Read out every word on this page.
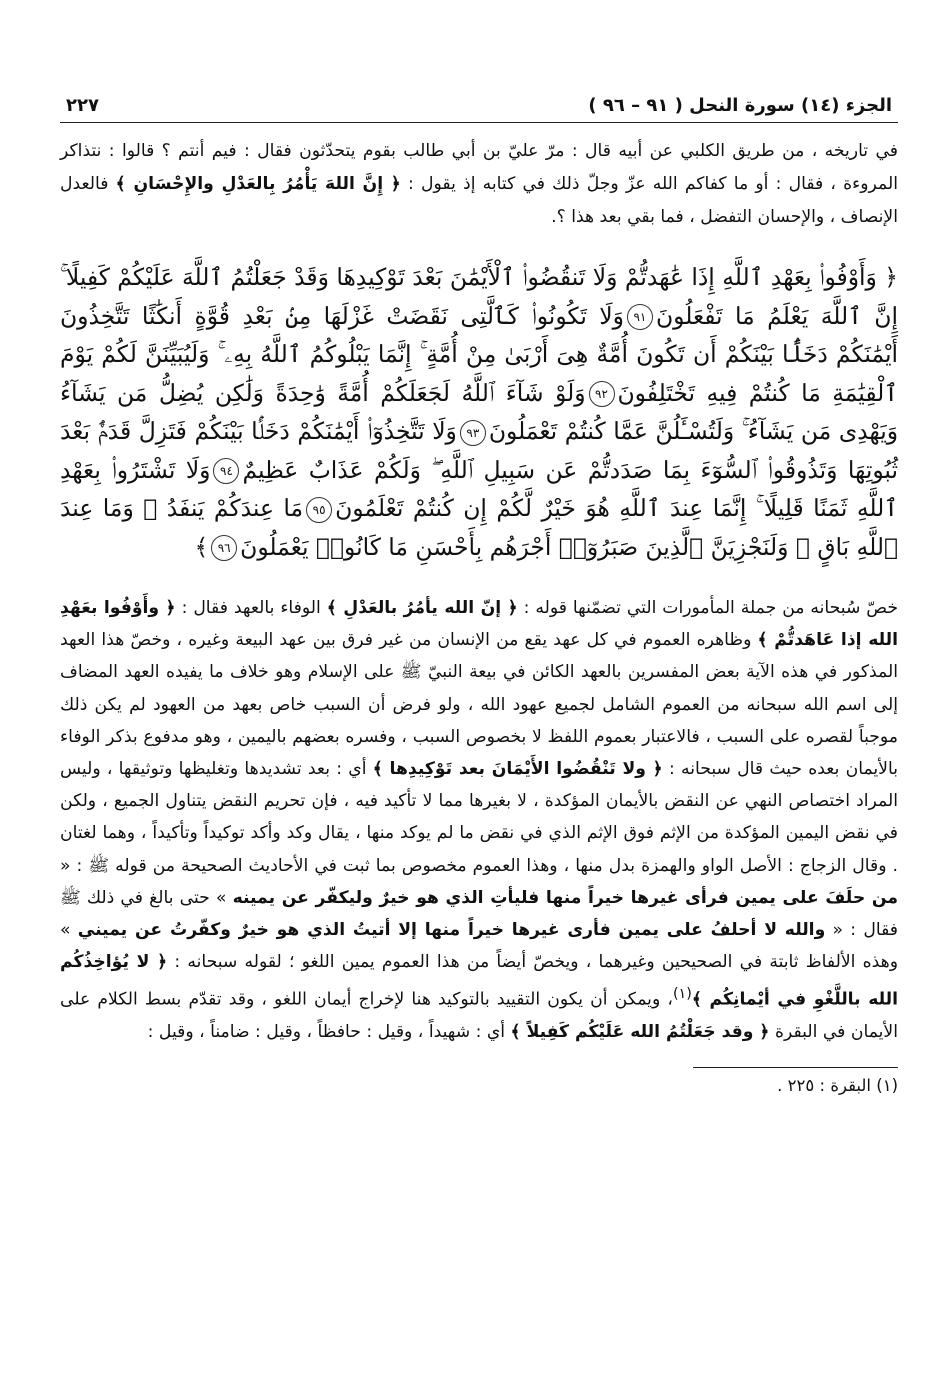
الجزء (١٤) سورة النحل ( ٩١ – ٩٦ )
٢٢٧

في تاريخه ، من طريق الكلبي عن أبيه قال : مرّ عليّ بن أبي طالب بقوم يتحدّثون فقال : فيم أنتم ؟ قالوا : نتذاكر المروءة ، فقال : أو ما كفاكم الله عزّ وجلّ ذلك في كتابه إذ يقول : ﴿ إِنَّ اللهَ يَأْمُرُ بِالعَدْلِ والإِحْسَانِ ﴾ فالعدل الإنصاف ، والإحسان التفضل ، فما بقي بعد هذا ؟.

﴿ وَأَوْفُوا۟ بِعَهْدِ ٱللَّهِ إِذَا عَٰهَدتُّمْ وَلَا تَنقُضُوا۟ ٱلْأَيْمَٰنَ بَعْدَ تَوْكِيدِهَا وَقَدْ جَعَلْتُمُ ٱللَّهَ عَلَيْكُمْ كَفِيلًا ۚ إِنَّ ٱللَّهَ يَعْلَمُ مَا تَفْعَلُونَ٩١وَلَا تَكُونُوا۟ كَٱلَّتِى نَقَضَتْ غَزْلَهَا مِنۢ بَعْدِ قُوَّةٍ أَنكَٰثًا تَتَّخِذُونَ أَيْمَٰنَكُمْ دَخَلًۢا بَيْنَكُمْ أَن تَكُونَ أُمَّةٌ هِىَ أَرْبَىٰ مِنْ أُمَّةٍ ۚ إِنَّمَا يَبْلُوكُمُ ٱللَّهُ بِهِۦ ۚ وَلَيُبَيِّنَنَّ لَكُمْ يَوْمَ ٱلْقِيَٰمَةِ مَا كُنتُمْ فِيهِ تَخْتَلِفُونَ٩٢وَلَوْ شَآءَ ٱللَّهُ لَجَعَلَكُمْ أُمَّةً وَٰحِدَةً وَلَٰكِن يُضِلُّ مَن يَشَآءُ وَيَهْدِى مَن يَشَآءُ ۚ وَلَتُسْـَٔلُنَّ عَمَّا كُنتُمْ تَعْمَلُونَ٩٣وَلَا تَتَّخِذُوٓا۟ أَيْمَٰنَكُمْ دَخَلًۢا بَيْنَكُمْ فَتَزِلَّ قَدَمٌۢ بَعْدَ ثُبُوتِهَا وَتَذُوقُوا۟ ٱلسُّوٓءَ بِمَا صَدَدتُّمْ عَن سَبِيلِ ٱللَّهِ ۖ وَلَكُمْ عَذَابٌ عَظِيمٌ٩٤وَلَا تَشْتَرُوا۟ بِعَهْدِ ٱللَّهِ ثَمَنًا قَلِيلًا ۚ إِنَّمَا عِندَ ٱللَّهِ هُوَ خَيْرٌ لَّكُمْ إِن كُنتُمْ تَعْلَمُونَ٩٥مَا عِندَكُمْ يَنفَدُ ۖ وَمَا عِندَ ٱللَّهِ بَاقٍ ۗ وَلَنَجْزِيَنَّ ٱلَّذِينَ صَبَرُوٓا۟ أَجْرَهُم بِأَحْسَنِ مَا كَانُوا۟ يَعْمَلُونَ٩٦﴾

خصّ سُبحانه من جملة المأمورات التي تضمّنها قوله : ﴿ إنّ الله يأمُرُ بالعَدْلِ ﴾ الوفاء بالعهد فقال : ﴿ وأَوْفُوا بعَهْدِ الله إذا عَاهَدتُّمْ ﴾ وظاهره العموم في كل عهد يقع من الإنسان من غير فرق بين عهد البيعة وغيره ، وخصّ هذا العهد المذكور في هذه الآية بعض المفسرين بالعهد الكائن في بيعة النبيّ ﷺ على الإسلام وهو خلاف ما يفيده العهد المضاف إلى اسم الله سبحانه من العموم الشامل لجميع عهود الله ، ولو فرض أن السبب خاص بعهد من العهود لم يكن ذلك موجباً لقصره على السبب ، فالاعتبار بعموم اللفظ لا بخصوص السبب ، وفسره بعضهم باليمين ، وهو مدفوع بذكر الوفاء بالأيمان بعده حيث قال سبحانه : ﴿ ولا تَنْقُضُوا الأَيْمَانَ بعد تَوْكِيدِها ﴾ أي : بعد تشديدها وتغليظها وتوثيقها ، وليس المراد اختصاص النهي عن النقض بالأيمان المؤكدة ، لا بغيرها مما لا تأكيد فيه ، فإن تحريم النقض يتناول الجميع ، ولكن في نقض اليمين المؤكدة من الإثم فوق الإثم الذي في نقض ما لم يوكد منها ، يقال وكد وأكد توكيداً وتأكيداً ، وهما لغتان . وقال الزجاج : الأصل الواو والهمزة بدل منها ، وهذا العموم مخصوص بما ثبت في الأحاديث الصحيحة من قوله ﷺ : « من حلَفَ على يمين فرأى غيرها خيراً منها فليأتِ الذي هو خيرٌ وليكفّر عن يمينه » حتى بالغ في ذلك ﷺ فقال : « والله لا أحلفُ على يمين فأرى غيرها خيراً منها إلا أتيتُ الذي هو خيرٌ وكفّرتُ عن يميني » وهذه الألفاظ ثابتة في الصحيحين وغيرهما ، ويخصّ أيضاً من هذا العموم يمين اللغو ؛ لقوله سبحانه : ﴿ لا يُؤاخِذُكُم الله باللَّغْوِ في أيْمانِكُم ﴾$^{(١)}$، ويمكن أن يكون التقييد بالتوكيد هنا لإخراج أيمان اللغو ، وقد تقدّم بسط الكلام على الأيمان في البقرة ﴿ وقد جَعَلْتُمُ الله عَلَيْكُم كَفِيلاً ﴾ أي : شهيداً ، وقيل : حافظاً ، وقيل : ضامناً ، وقيل :

(١) البقرة : ٢٢٥ .
